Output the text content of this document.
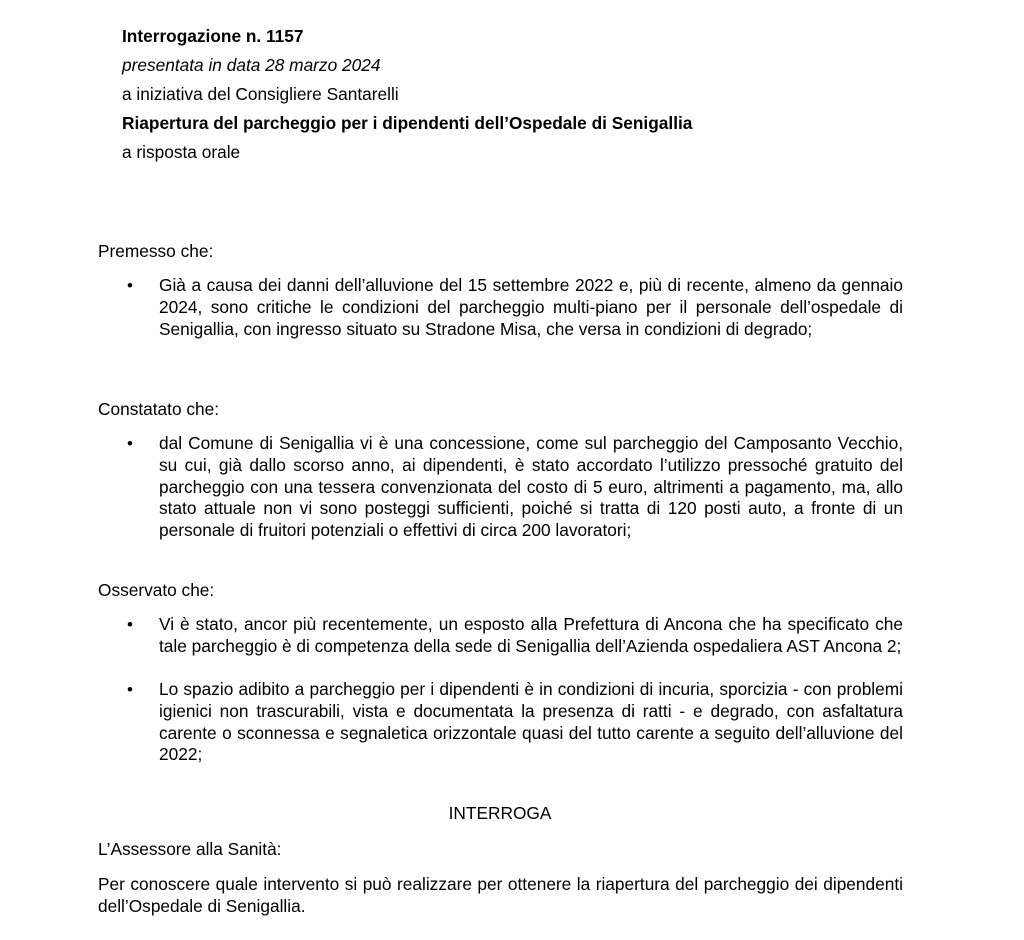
Interrogazione n. 1157
presentata in data 28 marzo 2024
a iniziativa del Consigliere Santarelli
Riapertura del parcheggio per i dipendenti dell’Ospedale di Senigallia
a risposta orale
Premesso che:
• Già a causa dei danni dell’alluvione del 15 settembre 2022 e, più di recente, almeno da gennaio 2024, sono critiche le condizioni del parcheggio multi-piano per il personale dell’ospedale di Senigallia, con ingresso situato su Stradone Misa, che versa in condizioni di degrado;
Constatato che:
• dal Comune di Senigallia vi è una concessione, come sul parcheggio del Camposanto Vecchio, su cui, già dallo scorso anno, ai dipendenti, è stato accordato l’utilizzo pressoché gratuito del parcheggio con una tessera convenzionata del costo di 5 euro, altrimenti a pagamento, ma, allo stato attuale non vi sono posteggi sufficienti, poiché si tratta di 120 posti auto, a fronte di un personale di fruitori potenziali o effettivi di circa 200 lavoratori;
Osservato che:
• Vi è stato, ancor più recentemente, un esposto alla Prefettura di Ancona che ha specificato che tale parcheggio è di competenza della sede di Senigallia dell’Azienda ospedaliera AST Ancona 2;
• Lo spazio adibito a parcheggio per i dipendenti è in condizioni di incuria, sporcizia - con problemi igienici non trascurabili, vista e documentata la presenza di ratti - e degrado, con asfaltatura carente o sconnessa e segnaletica orizzontale quasi del tutto carente a seguito dell’alluvione del 2022;
INTERROGA
L’Assessore alla Sanità:
Per conoscere quale intervento si può realizzare per ottenere la riapertura del parcheggio dei dipendenti dell’Ospedale di Senigallia.
